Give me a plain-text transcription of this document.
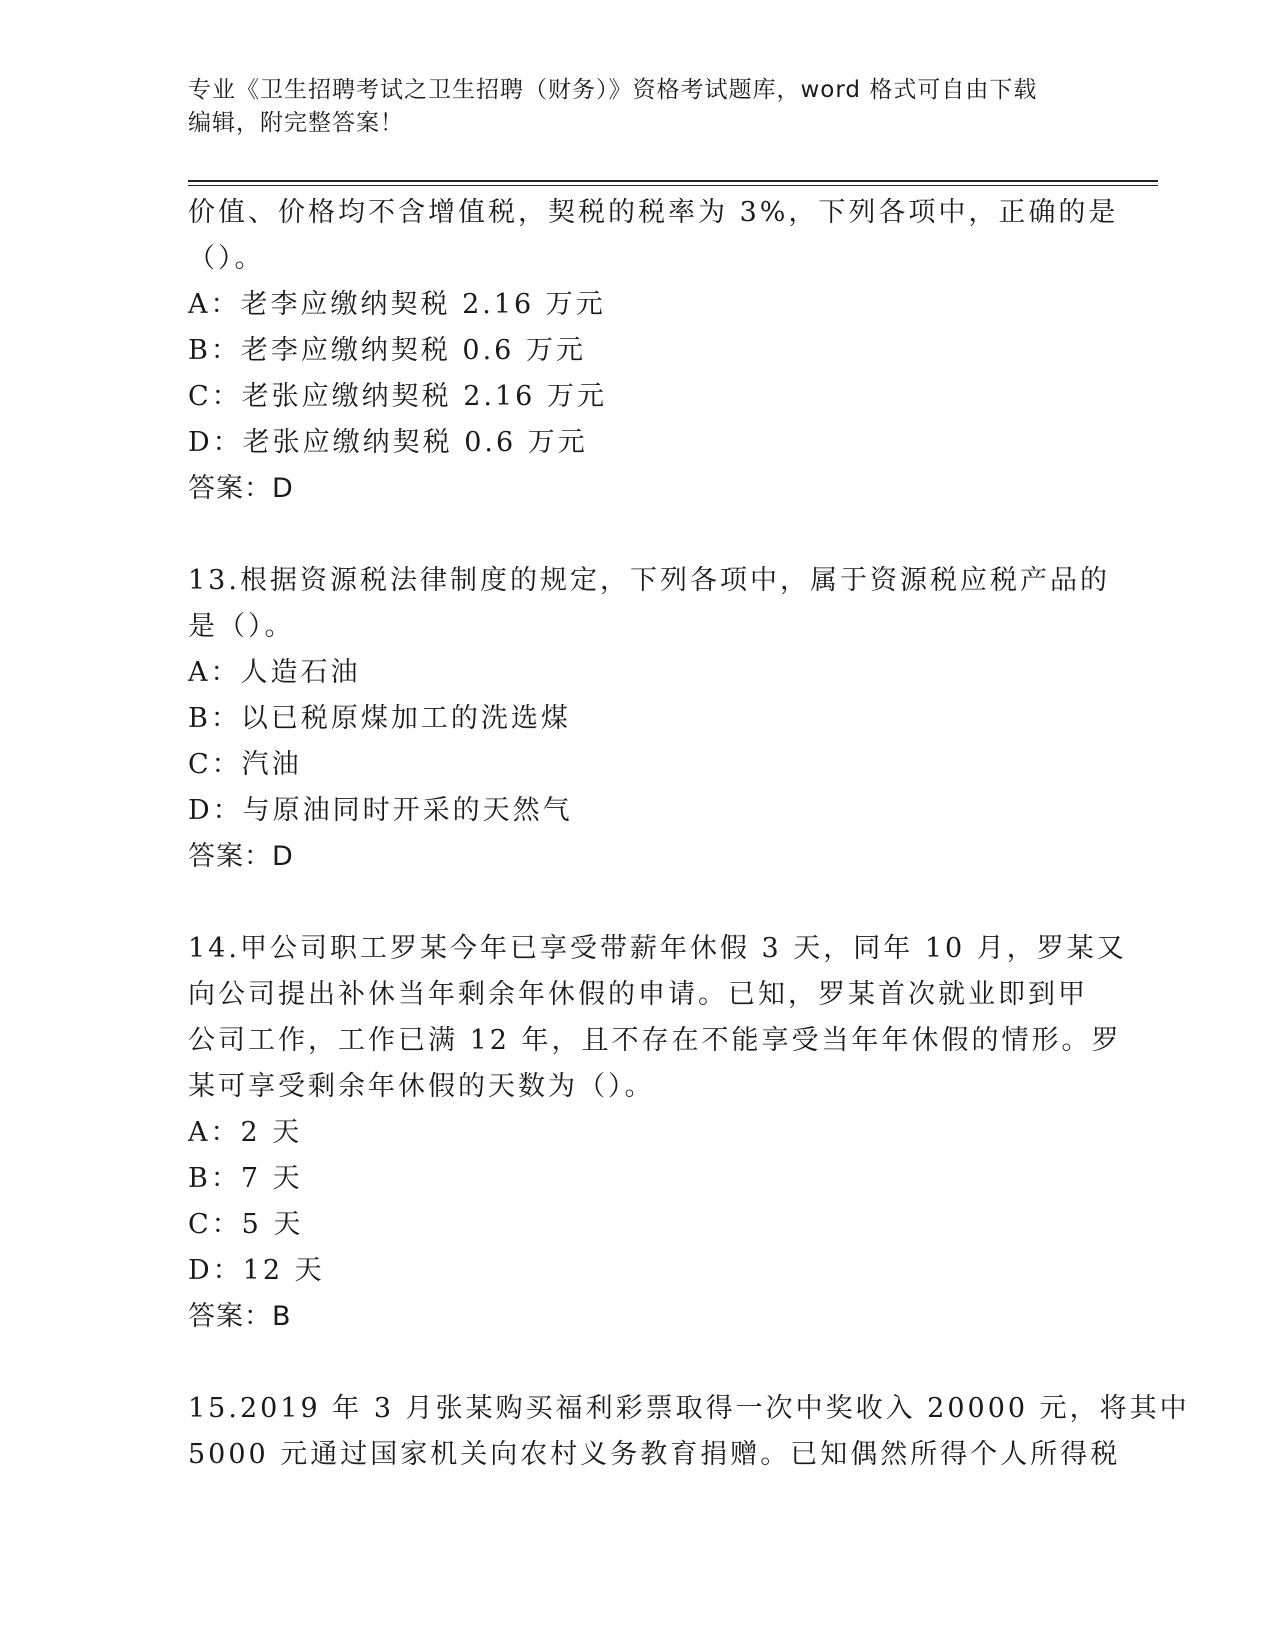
专业《卫生招聘考试之卫生招聘（财务）》资格考试题库，word 格式可自由下载
编辑，附完整答案！
价值、价格均不含增值税，契税的税率为 3%，下列各项中，正确的是
（）。
A：老李应缴纳契税 2.16 万元
B：老李应缴纳契税 0.6 万元
C：老张应缴纳契税 2.16 万元
D：老张应缴纳契税 0.6 万元
答案：D
13.根据资源税法律制度的规定，下列各项中，属于资源税应税产品的
是（）。
A：人造石油
B：以已税原煤加工的洗选煤
C：汽油
D：与原油同时开采的天然气
答案：D
14.甲公司职工罗某今年已享受带薪年休假 3 天，同年 10 月，罗某又
向公司提出补休当年剩余年休假的申请。已知，罗某首次就业即到甲
公司工作，工作已满 12 年，且不存在不能享受当年年休假的情形。罗
某可享受剩余年休假的天数为（）。
A：2 天
B：7 天
C：5 天
D：12 天
答案：B
15.2019 年 3 月张某购买福利彩票取得一次中奖收入 20000 元，将其中
5000 元通过国家机关向农村义务教育捐赠。已知偶然所得个人所得税
